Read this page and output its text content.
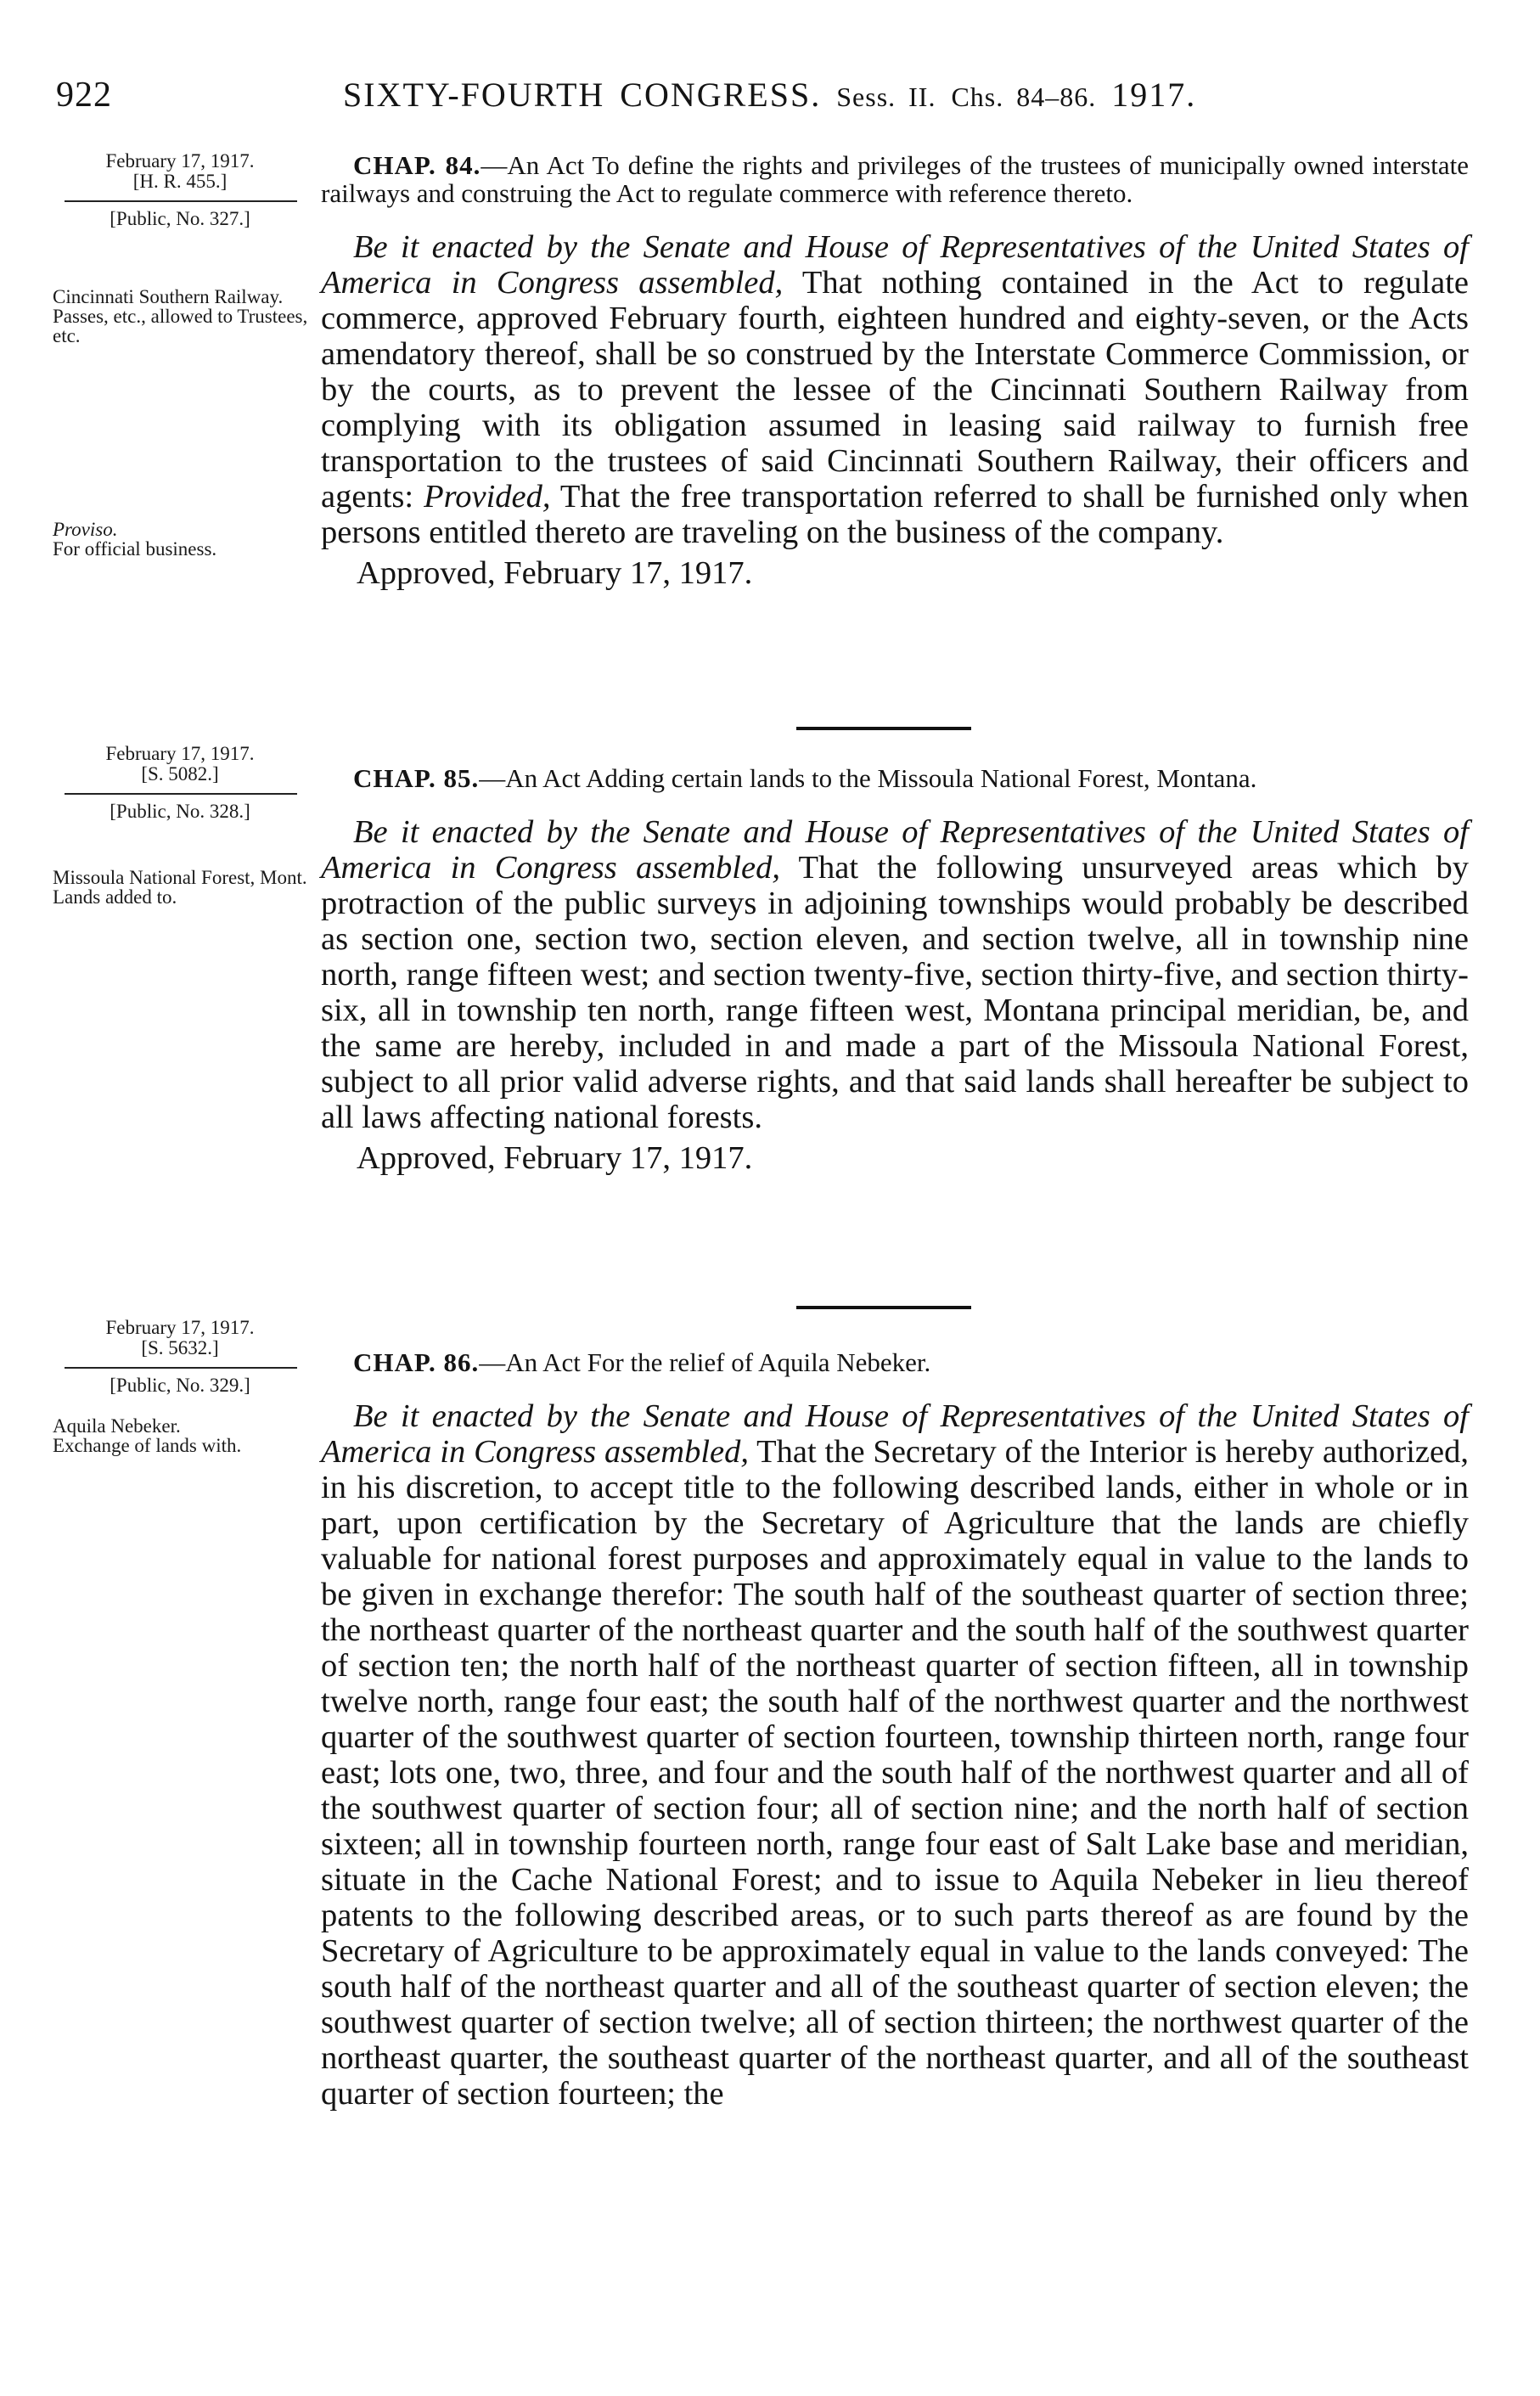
922	SIXTY-FOURTH CONGRESS. Sess. II. Chs. 84–86. 1917.
February 17, 1917.
[H. R. 455.]
[Public, No. 327.]
Cincinnati Southern Railway.
Passes, etc., allowed to Trustees, etc.
Proviso.
For official business.
CHAP. 84.—An Act To define the rights and privileges of the trustees of municipally owned interstate railways and construing the Act to regulate commerce with reference thereto.
Be it enacted by the Senate and House of Representatives of the United States of America in Congress assembled, That nothing contained in the Act to regulate commerce, approved February fourth, eighteen hundred and eighty-seven, or the Acts amendatory thereof, shall be so construed by the Interstate Commerce Commission, or by the courts, as to prevent the lessee of the Cincinnati Southern Railway from complying with its obligation assumed in leasing said railway to furnish free transportation to the trustees of said Cincinnati Southern Railway, their officers and agents: Provided, That the free transportation referred to shall be furnished only when persons entitled thereto are traveling on the business of the company.
Approved, February 17, 1917.
February 17, 1917.
[S. 5082.]
[Public, No. 328.]
Missoula National Forest, Mont.
Lands added to.
CHAP. 85.—An Act Adding certain lands to the Missoula National Forest, Montana.
Be it enacted by the Senate and House of Representatives of the United States of America in Congress assembled, That the following unsurveyed areas which by protraction of the public surveys in adjoining townships would probably be described as section one, section two, section eleven, and section twelve, all in township nine north, range fifteen west; and section twenty-five, section thirty-five, and section thirty-six, all in township ten north, range fifteen west, Montana principal meridian, be, and the same are hereby, included in and made a part of the Missoula National Forest, subject to all prior valid adverse rights, and that said lands shall hereafter be subject to all laws affecting national forests.
Approved, February 17, 1917.
February 17, 1917.
[S. 5632.]
[Public, No. 329.]
Aquila Nebeker.
Exchange of lands with.
CHAP. 86.—An Act For the relief of Aquila Nebeker.
Be it enacted by the Senate and House of Representatives of the United States of America in Congress assembled, That the Secretary of the Interior is hereby authorized, in his discretion, to accept title to the following described lands, either in whole or in part, upon certification by the Secretary of Agriculture that the lands are chiefly valuable for national forest purposes and approximately equal in value to the lands to be given in exchange therefor: The south half of the southeast quarter of section three; the northeast quarter of the northeast quarter and the south half of the southwest quarter of section ten; the north half of the northeast quarter of section fifteen, all in township twelve north, range four east; the south half of the northwest quarter and the northwest quarter of the southwest quarter of section fourteen, township thirteen north, range four east; lots one, two, three, and four and the south half of the northwest quarter and all of the southwest quarter of section four; all of section nine; and the north half of section sixteen; all in township fourteen north, range four east of Salt Lake base and meridian, situate in the Cache National Forest; and to issue to Aquila Nebeker in lieu thereof patents to the following described areas, or to such parts thereof as are found by the Secretary of Agriculture to be approximately equal in value to the lands conveyed: The south half of the northeast quarter and all of the southeast quarter of section eleven; the southwest quarter of section twelve; all of section thirteen; the northwest quarter of the northeast quarter, the southeast quarter of the northeast quarter, and all of the southeast quarter of section fourteen; the
